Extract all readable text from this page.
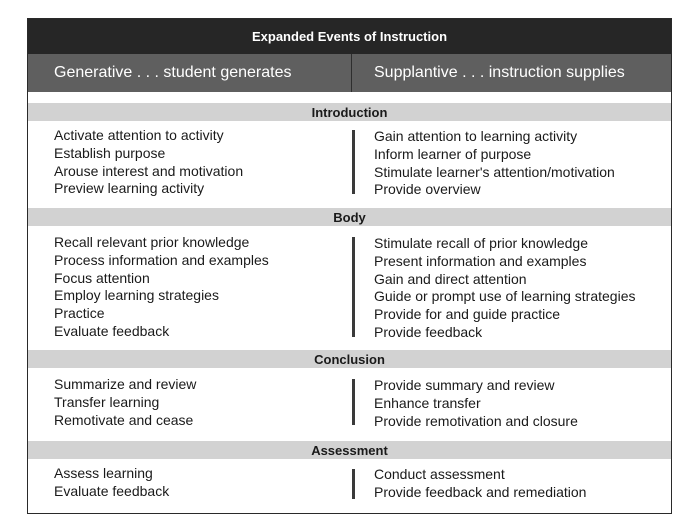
Expanded Events of Instruction
Generative . . . student generates	Supplantive . . . instruction supplies
Introduction
Activate attention to activity
Establish purpose
Arouse interest and motivation
Preview learning activity
Gain attention to learning activity
Inform learner of purpose
Stimulate learner's attention/motivation
Provide overview
Body
Recall relevant prior knowledge
Process information and examples
Focus attention
Employ learning strategies
Practice
Evaluate feedback
Stimulate recall of prior knowledge
Present information and examples
Gain and direct attention
Guide or prompt use of learning strategies
Provide for and guide practice
Provide feedback
Conclusion
Summarize and review
Transfer learning
Remotivate and cease
Provide summary and review
Enhance transfer
Provide remotivation and closure
Assessment
Assess learning
Evaluate feedback
Conduct assessment
Provide feedback and remediation
